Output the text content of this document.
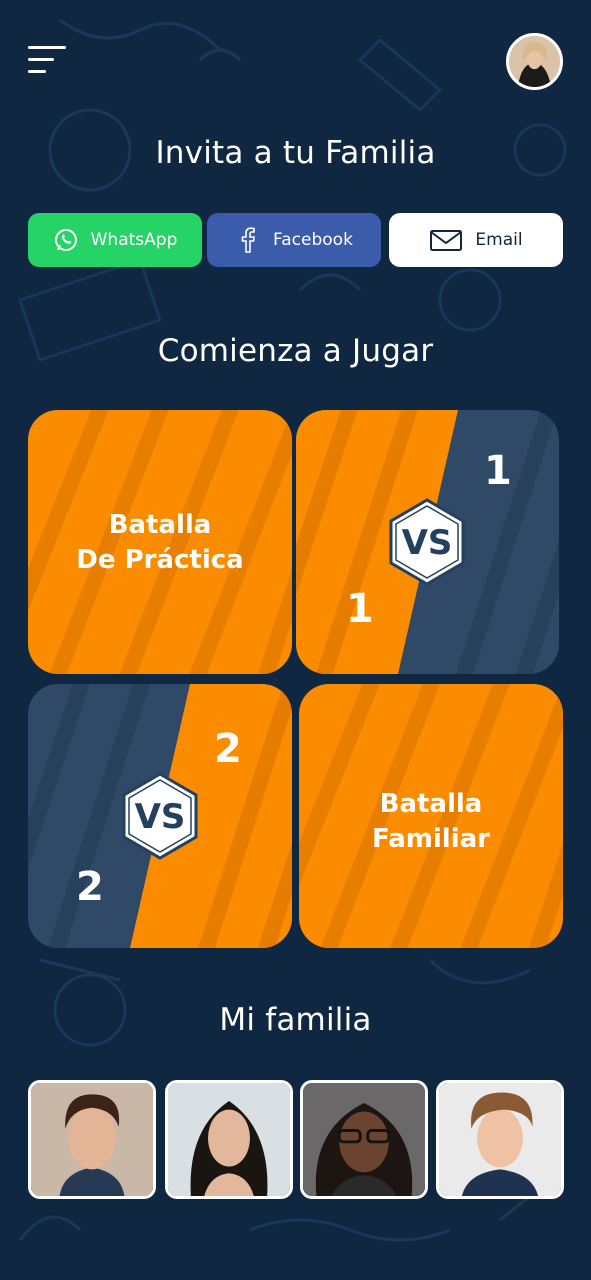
Invita a tu Familia
WhatsApp	Facebook	Email
Comienza a Jugar
Batalla
De Práctica
1
1
VS
2
2
VS	Batalla
Familiar
Mi familia
